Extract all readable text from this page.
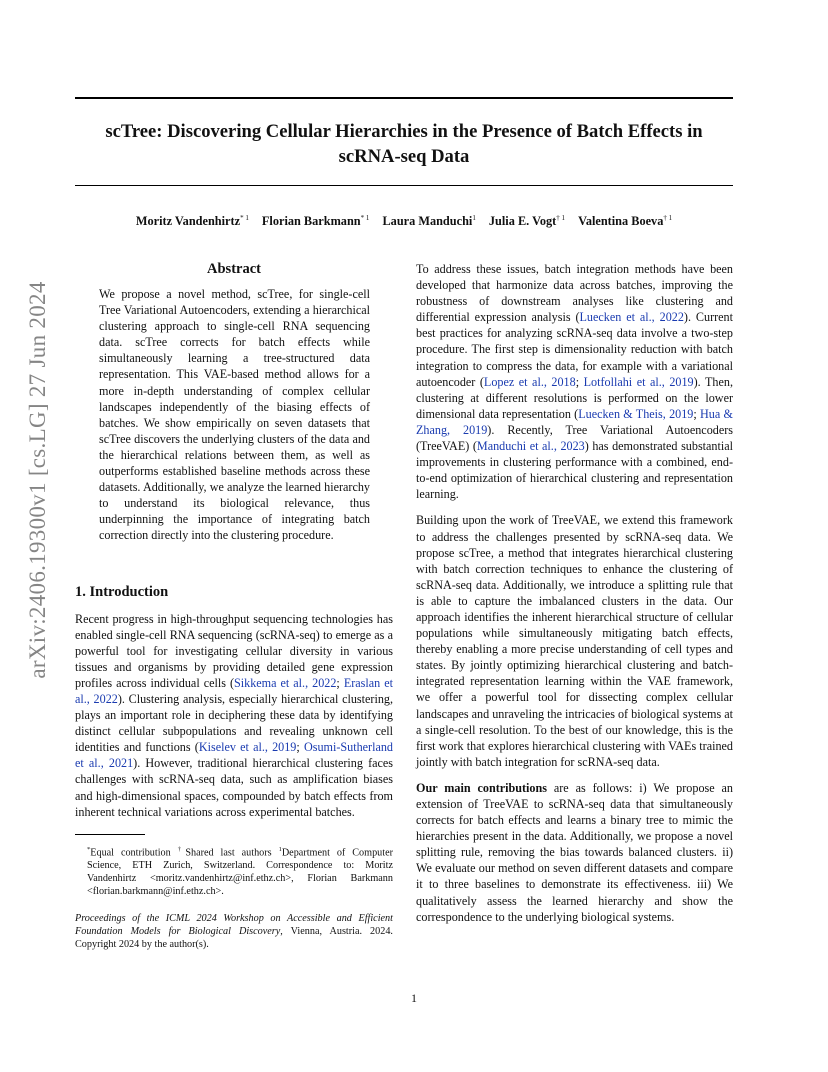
scTree: Discovering Cellular Hierarchies in the Presence of Batch Effects in
scRNA-seq Data
Moritz Vandenhirtz$^{* 1}$ Florian Barkmann$^{* 1}$ Laura Manduchi$^1$ Julia E. Vogt$^{\dagger 1}$ Valentina Boeva$^{\dagger 1}$
arXiv:2406.19300v1 [cs.LG] 27 Jun 2024
Abstract

We propose a novel method, scTree, for single-cell Tree Variational Autoencoders, extending a hierarchical clustering approach to single-cell RNA sequencing data. scTree corrects for batch effects while simultaneously learning a tree-structured data representation. This VAE-based method allows for a more in-depth understanding of complex cellular landscapes independently of the biasing effects of batches. We show empirically on seven datasets that scTree discovers the underlying clusters of the data and the hierarchical relations between them, as well as outperforms established baseline methods across these datasets. Additionally, we analyze the learned hierarchy to understand its biological relevance, thus underpinning the importance of integrating batch correction directly into the clustering procedure.

1. Introduction

Recent progress in high-throughput sequencing technologies has enabled single-cell RNA sequencing (scRNA-seq) to emerge as a powerful tool for investigating cellular diversity in various tissues and organisms by providing detailed gene expression profiles across individual cells (Sikkema et al., 2022; Eraslan et al., 2022). Clustering analysis, especially hierarchical clustering, plays an important role in deciphering these data by identifying distinct cellular subpopulations and revealing unknown cell identities and functions (Kiselev et al., 2019; Osumi-Sutherland et al., 2021). However, traditional hierarchical clustering faces challenges with scRNA-seq data, such as amplification biases and high-dimensional spaces, compounded by batch effects from inherent technical variations across experimental batches.

*Equal contribution †Shared last authors $^1$Department of Computer Science, ETH Zurich, Switzerland. Correspondence to: Moritz Vandenhirtz <moritz.vandenhirtz@inf.ethz.ch>, Florian Barkmann <florian.barkmann@inf.ethz.ch>.

Proceedings of the ICML 2024 Workshop on Accessible and Efficient Foundation Models for Biological Discovery, Vienna, Austria. 2024. Copyright 2024 by the author(s).

To address these issues, batch integration methods have been developed that harmonize data across batches, improving the robustness of downstream analyses like clustering and differential expression analysis (Luecken et al., 2022). Current best practices for analyzing scRNA-seq data involve a two-step procedure. The first step is dimensionality reduction with batch integration to compress the data, for example with a variational autoencoder (Lopez et al., 2018; Lotfollahi et al., 2019). Then, clustering at different resolutions is performed on the lower dimensional data representation (Luecken & Theis, 2019; Hua & Zhang, 2019). Recently, Tree Variational Autoencoders (TreeVAE) (Manduchi et al., 2023) has demonstrated substantial improvements in clustering performance with a combined, end-to-end optimization of hierarchical clustering and representation learning.

Building upon the work of TreeVAE, we extend this framework to address the challenges presented by scRNA-seq data. We propose scTree, a method that integrates hierarchical clustering with batch correction techniques to enhance the clustering of scRNA-seq data. Additionally, we introduce a splitting rule that is able to capture the imbalanced clusters in the data. Our approach identifies the inherent hierarchical structure of cellular populations while simultaneously mitigating batch effects, thereby enabling a more precise understanding of cell types and states. By jointly optimizing hierarchical clustering and batch-integrated representation learning within the VAE framework, we offer a powerful tool for dissecting complex cellular landscapes and unraveling the intricacies of biological systems at a single-cell resolution. To the best of our knowledge, this is the first work that explores hierarchical clustering with VAEs trained jointly with batch integration for scRNA-seq data.

Our main contributions are as follows: i) We propose an extension of TreeVAE to scRNA-seq data that simultaneously corrects for batch effects and learns a binary tree to mimic the hierarchies present in the data. Additionally, we propose a novel splitting rule, removing the bias towards balanced clusters. ii) We evaluate our method on seven different datasets and compare it to three baselines to demonstrate its effectiveness. iii) We qualitatively assess the learned hierarchy and show the correspondence to the underlying biological systems.

1
